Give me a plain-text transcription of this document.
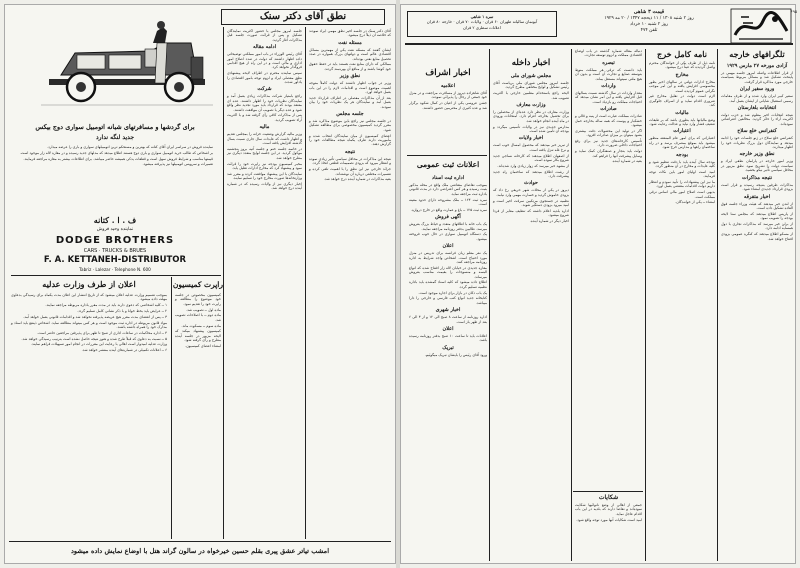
نطق آقای دکتر سنک
برای گردشها و مسافرتهای شبانه اتومبیل سواری دوج بیکس
جدید لنگه ندارد

نماینده فروش در سراسر ایران آقای کتانه که بهترین و مستحکم ترین اتومبیلهای سواری و باری را عرضه میدارد.

بر اشخاص که طالب خرید اتومبیل سواری و باری دوج هستند اطلاع میدهد که مدلهای جدید رسیده و در مغازه لاله زار موجود است.

قیمتها مناسب و شرایط فروش سهل است و قطعات یدکی همیشه حاضر میباشد. برای اطلاعات بیشتر به مغازه مراجعه فرمایند.

تعمیرات و سرویس اتومبیلها نیز پذیرفته میشود.

ف . ا . کتانه
نماینده وحید فروش
DODGE BROTHERS
CARS · TRUCKS & BRUES
F. A. KETTANEH-DISTRIBUTOR
Tabriz · Lalezar · Telephone N. 600
اعلان از طرف وزارت عدلیه	راپرت کمیسیون

بموجب تصمیم وزارت عدلیه اعلان میشود که از تاریخ انتشار این اعلان مدت یکماه برای رسیدگی بدعاوی مهلت داده میشود.

۱ ــ کلیه اشخاصی که دعوی دارند باید در مدت مقرر باداره مربوطه مراجعه نمایند.

۲ ــ عرایض باید بخط خوانا و با ذکر نشانی کامل تسلیم گردد.

۳ ــ پس از انقضای مدت مقرر هیچ عریضه پذیرفته نخواهد شد و اقدامات قانونی بعمل خواهد آمد.

مواد قانون مربوطه در اداره ثبت موجود است و هر کس میتواند مطالعه نماید. اشخاص ذینفع باید اسناد و مدارک خود را همراه داشته باشند.

۴ ــ اداره محاکمات در ساعات اداری از صبح تا ظهر برای پذیرفتن مراجعین حاضر است.

۵ ــ نسبت به دعاوی که قبلاً طرح شده و هنوز نتیجه حاصل نشده است بترتیب رسیدگی خواهد شد.

وزارت عدلیه امیدوار است اهالی با رعایت این مقررات در انجام امور تسهیلات فراهم نمایند.

۶ ــ اعلانات تکمیلی در شماره‌های آینده منتشر خواهد شد.

کمیسیون مخصوص در جلسه خود موضوع را مطالعه و راپرت خود را تقدیم نمود.

ماده اول ــ تصویب شد.

ماده دوم ــ با اصلاحات تصویب شد.

ماده سوم ــ مسکوت ماند.

کمیسیون پیشنهاد میکند که لایحه مزبور در جلسه آینده مطرح و رأی گرفته شود.

امضاء اعضای کمیسیون.

جلسه امروز مجلس با حضور اکثریت نمایندگان تشکیل و پس از قرائت صورت جلسه قبل مذاکرات آغاز گردید.

ادامه مقاله

آقای رئیس الوزراء در باب امور مملکتی توضیحاتی داده اظهار داشتند که دولت در صدد اصلاح امور اداری و مالی است و در این راه از هیچ اقدامی فروگذار نخواهد کرد.

سپس نماینده محترم در اطراف لایحه پیشنهادی نطق مفصلی ایراد و لزوم توجه بامور اقتصادی را یادآور شدند.

شرکت

راجع بامتیاز شرکت مذاکرات زیادی بعمل آمد و نمایندگان نظریات خود را اظهار داشتند. عده ای معتقد بودند که قرارداد باید مورد تجدید نظر واقع شود و عده دیگر با تصویب آن موافقت داشتند.

پس از مذاکرات کافی رأی گرفته شد و با اکثریت آراء تصویب گردید.

مالیه

وزیر مالیه گزارش وضعیت خزانه را بمجلس تقدیم و اظهار داشت که عایدات سال جاری نسبت بسال گذشته افزایش یافته است.

در خاتمه جلسه ختم و جلسه آتیه بروز پنجشنبه موکول گردید. در این جلسه لوایح متعدد دیگری نیز مطرح خواهد شد.

مخبر کمیسیون بودجه نیز راپرت خود را قرائت نمود و پیشنهاد کرد که مخارج ادارات تقلیل یابد.

نمایندگان با این پیشنهاد موافقت کرده و مقرر شد وزارتخانه‌ها صورت مخارج خود را تسلیم نمایند.

اخبار دیگری نیز از ولایات رسیده که در شماره آینده درج خواهد شد.

آقای دکتر سنک در جلسه اخیر نطق مهمی ایراد نمودند که خلاصه آن ذیلاً درج میشود.

مسئله نفت

ایشان گفتند که مسئله نفت یکی از مهمترین مسائل اقتصادی عالم است و دولتهای بزرگ همواره در صدد تحصیل منابع نفتی بوده‌اند.

ممالکی که دارای منابع نفت هستند باید در حفظ حقوق خود کوشا باشند و از منافع آن بهره‌مند گردند.

نطق وزیر

وزیر در جواب اظهار داشتند که دولت کاملاً متوجه اهمیت موضوع است و اقدامات لازم را در این باب بعمل خواهد آورد.

بعد از آن مذاکرات مفصلی در اطراف قرارداد جدید بعمل آمد و نمایندگان هر یک نظریات خود را بیان نمودند.

جلسه مجلس

در جلسه مجلس نیز راجع باین موضوع مذاکره شد و مقرر گردید کمیسیون مخصوصی برای مطالعه تشکیل شود.

اعضای کمیسیون از میان نمایندگان انتخاب شده و مأموریت دارند ظرف یکماه نتیجه مطالعات خود را گزارش دهند.

نتیجه

نتیجه این مذاکرات در محافل سیاسی تأثیر زیادی نموده و انتظار میرود که بزودی تصمیمات قطعی اتخاذ گردد.

جرائد خارجی نیز این نطق را با اهمیت تلقی کرده و تفسیرات مختلفی درباره آن نوشته‌اند.

بقیه مذاکرات در شماره آینده درج خواهد شد.

امشب تیاتر عشق پیری بقلم حسین خیرخواه در سالون گراند هتل با اوضاع نمایش داده میشود
۴۹۵
قیمت ۳ شاهی
روز ۲ شنبه ۱۳۰۸ / ۱۱ ذیحجه ۱۳۴۷ / ۲۰ مه ۱۹۲۹
روز ۲ شنبه ۱۰ خرداد
تلفن ۴۷۴
نمره ۱ شاهی
آبونمان سالیانه طهران ۶۰ قران · ولایات ۷۰ قران · خارجه ۸۰ قران
اعلانات سطری ۲ قران
تلگرافهای خارجه
آزادی مورخه ۲۷ مارس ۱۹۲۹

از قرار اطلاعات واصله امروز جلسه مهمی در پایتخت تشکیل شد و مسائل مربوط بسیاست خارجی مورد مذاکره قرار گرفت.

ورود سفیر ایران

سفیر کبیر ایران وارد شده و از طرف مقامات رسمی استقبال شایانی از ایشان بعمل آمد.

انتخابات بلغارستان

نتیجه انتخابات اخیر معلوم شد و حزب دولت اکثریت آراء را حائز گردید. مخالفین اعتراضاتی نموده‌اند.

کنفرانس خلع سلاح

کنفرانس خلع سلاح در ژنو جلسات خود را ادامه میدهد و نمایندگان دول بزرگ نظریات خود را اظهار میدارند.

نطق وزیر خارجه

وزیر امور خارجه در پارلمان نطقی ایراد و سیاست دولت را تشریح نمود. نطق مزبور در محافل سیاسی تأثیر نیکو بخشید.

نتیجه مذاکرات

مذاکرات طرفین بنتیجه رسیده و قرار است بزودی قرارداد جدیدی امضاء شود.

اخبار متفرقه

از لندن خبر میدهند که هیئت وزراء جلسه فوق العاده تشکیل داده است.

از پاریس اطلاع میدهند که مجلس سنا لایحه بودجه را تصویب نمود.

از برلن خبر میرسد که مذاکرات تجاری با دول همسایه ادامه دارد.

از مسکو اطلاع میدهند که کنگره عمومی بزودی افتتاح خواهد شد.

نامه کامل خرج

نامه ذیل از طرف یکی از خوانندگان محترم واصل گردیده که عیناً درج میشود.

مخارج

مخارج ادارات دولتی در سالهای اخیر بطور محسوسی افزایش یافته و این امر موجب نگرانی عموم گردیده است.

لازم است دولت در تقلیل مخارج غیر ضروری اقدام نماید و از اسراف جلوگیری کند.

مالیات

وضع مالیاتها باید بطوری باشد که بر طبقات ضعیف فشار وارد نیاید و عدالت رعایت شود.

اعتبارات

اعتباراتی که برای امور عام المنفعه منظور میشود باید بموقع بمصرف برسد و در راه ساختمان راهها و مدارس خرج شود.

بودجه

بودجه سال آینده باید با دقت تنظیم شود و کلیه عایدات و مخارج در آن منظور گردد.

امید است اولیای امور باین نکات توجه فرمایند.

ما نیز این پیشنهادات را تأیید نموده و انتظار داریم دولت اقدامات مقتضی بعمل آورد.

بدیهی است اصلاح امور مالی اساس ترقی مملکت است.

امضاء ــ یکی از خوانندگان.

دنباله مقاله شماره گذشته در باب اوضاع اقتصادی مملکت و لزوم توسعه تجارت.

تبصره

باید دانست که ترقی هر مملکت منوط بتوسعه صنایع و تجارت آن است و بدون آن هیچ ملتی نمیتواند مستقل بماند.

واردات

مقدار واردات در سال گذشته نسبت بسالهای قبل افزایش یافته و این امر نشان میدهد که احتیاجات مملکت رو بازدیاد است.

صادرات

صادرات مملکت عبارت است از پنبه و قالی و خشکبار و پوست که همه ساله بخارجه حمل میشود.

اگر در تولید این محصولات دقت بیشتری بشود میتوان بر میزان صادرات افزود.

تأسیس کارخانه‌های جدید نیز برای رفع احتیاجات داخلی ضرورت دارد.

دولت باید بتجار و صنعتگران کمک نماید و وسایل پیشرفت آنها را فراهم کند.

بقیه در شماره آینده.

شکایات

جمعی از اهالی از وضع نانوائیها شکایت نموده‌اند و تقاضا دارند که بلدیه در این باب اقدام عاجل نماید.

امید است شکایات آنها مورد توجه واقع شود.

اخبار داخله
مجلس شورای ملی

جلسه امروز مجلس شورای ملی بریاست آقای رئیس تشکیل و لوایح مختلفی مطرح گردید.

لایحه راجع باستخدام معلمین خارجی با اکثریت تصویب شد.

وزارت معارف

وزارت معارف در نظر دارد عده‌ای از محصلین را برای تحصیل بخارجه اعزام دارد. امتحانات ورودی در ماه آینده انجام خواهد شد.

مدارس جدیدی نیز در ولایات تأسیس میگردد و بودجه آن تأمین شده است.

اخبار ولایات

از تبریز خبر میدهند که محصول امسال خوب است و نرخ غله تنزل یافته است.

از اصفهان اطلاع میدهند که کارخانه نساجی جدید شروع بکار نموده است.

از مشهد خبر میرسد که زوار زیادی وارد شده‌اند.

از رشت اطلاع میدهند که ساختمان راه جدید پیشرفت دارد.

حوادث

دیروز در یکی از محلات شهر حریقی رخ داد که بزودی خاموش گردید و خسارت مهمی وارد نیامد.

نظمیه در جستجوی مرتکبین سرقت اخیر است و امید میرود بزودی دستگیر شوند.

اداره بلدیه اعلام داشته که تنظیف معابر از فردا شروع میشود.

اخبار دیگر در شماره آینده.

اخبار اشراف
اعلامیه

آقای شاهزاده دیروز از مسافرت مراجعت و در منزل خود جمعی از رجال را پذیرائی نمودند.

جشن عروسی یکی از اعیان در کمال شکوه برگزار شد و عده کثیری از محترمین حضور داشتند.

اعلانات ثبت عمومی
اداره ثبت اسناد

بموجب تقاضای متقاضی ملک واقع در محله مذکور بثبت رسیده و هر کس اعتراضی دارد در مدت قانونی باداره ثبت مراجعه نماید.

نمره ثبت ۱۲۴ ــ ملک مشروحه دارای حدود معینه است.

نمره ثبت ۱۲۵ ــ باغ و عمارت واقع در خارج دروازه.

آگهی فروش

یک باب خانه با اطاقهای متعدد و حیاط بزرگ بفروش میرسد. طالبین بدفتر روزنامه مراجعه نمایند.

یک دستگاه اتومبیل سواری در حال خوب فروخته میشود.

اعلان

یک نفر معلم زبان فرانسه برای تدریس در منزل مورد احتیاج است. اشخاص واجد شرایط به اداره روزنامه مراجعه کنند.

مغازه جدیدی در خیابان لاله زار افتتاح شده که انواع البسه و منسوجات را بقیمت مناسب بفروش میرساند.

اطلاع داده میشود که کلیه اسناد گمشده باید باداره نظمیه تسلیم گردد.

یک باب دکان در بازار برای اجاره موجود است.

کتابخانه جدید انواع کتب فارسی و خارجی را دارا میباشد.

اخبار شهری

اداره روزنامه از ساعت ۸ صبح الی ۱۲ و از ۳ الی ۶ بعد از ظهر باز است.

اعلان

اعلانات باید تا ساعت ۱۰ صبح بدفتر روزنامه رسیده باشد.

تبریک

ورود آقای رئیس را بایشان تبریک میگوئیم.
